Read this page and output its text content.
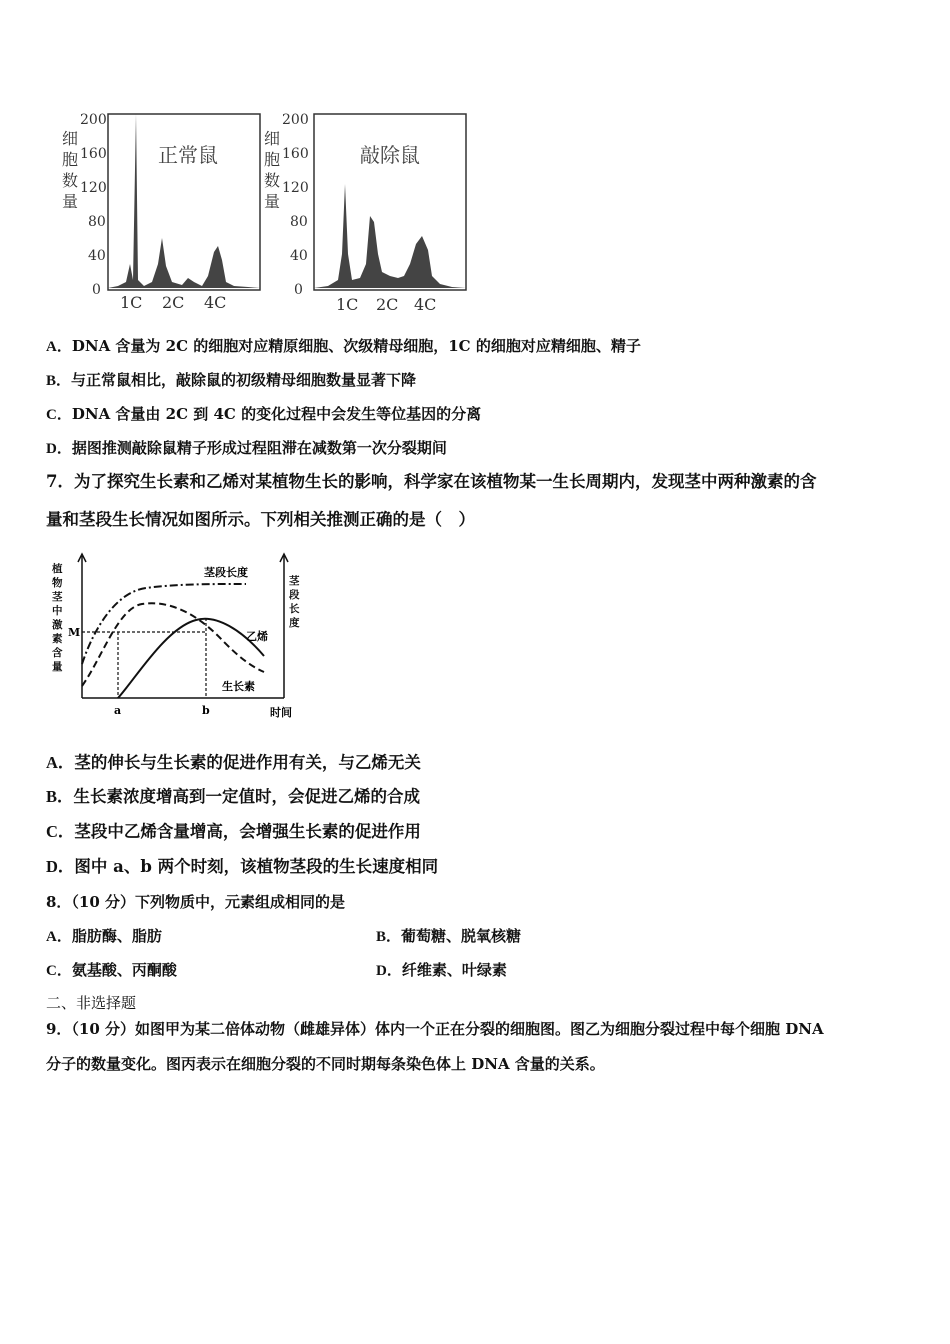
细
胞
数
量
200
160
120
80
40
0
正常鼠
1C 2C 4C
细
胞
数
量
200
160
120
80
40
0
敲除鼠
1C 2C 4C
A．DNA 含量为 2C 的细胞对应精原细胞、次级精母细胞，1C 的细胞对应精细胞、精子
B．与正常鼠相比，敲除鼠的初级精母细胞数量显著下降
C．DNA 含量由 2C 到 4C 的变化过程中会发生等位基因的分离
D．据图推测敲除鼠精子形成过程阻滞在减数第一次分裂期间
7．为了探究生长素和乙烯对某植物生长的影响，科学家在该植物某一生长周期内，发现茎中两种激素的含
量和茎段生长情况如图所示。下列相关推测正确的是（　）
植
物
茎
中
激
素
含
量
茎
段
长
度
M
茎段长度
乙烯
生长素
a	b	时间
A．茎的伸长与生长素的促进作用有关，与乙烯无关
B．生长素浓度增高到一定值时，会促进乙烯的合成
C．茎段中乙烯含量增高，会增强生长素的促进作用
D．图中 a、b 两个时刻，该植物茎段的生长速度相同
8．（10 分）下列物质中，元素组成相同的是
A．脂肪酶、脂肪	B．葡萄糖、脱氧核糖
C．氨基酸、丙酮酸	D．纤维素、叶绿素
二、非选择题
9．（10 分）如图甲为某二倍体动物（雌雄异体）体内一个正在分裂的细胞图。图乙为细胞分裂过程中每个细胞 DNA
分子的数量变化。图丙表示在细胞分裂的不同时期每条染色体上 DNA 含量的关系。
